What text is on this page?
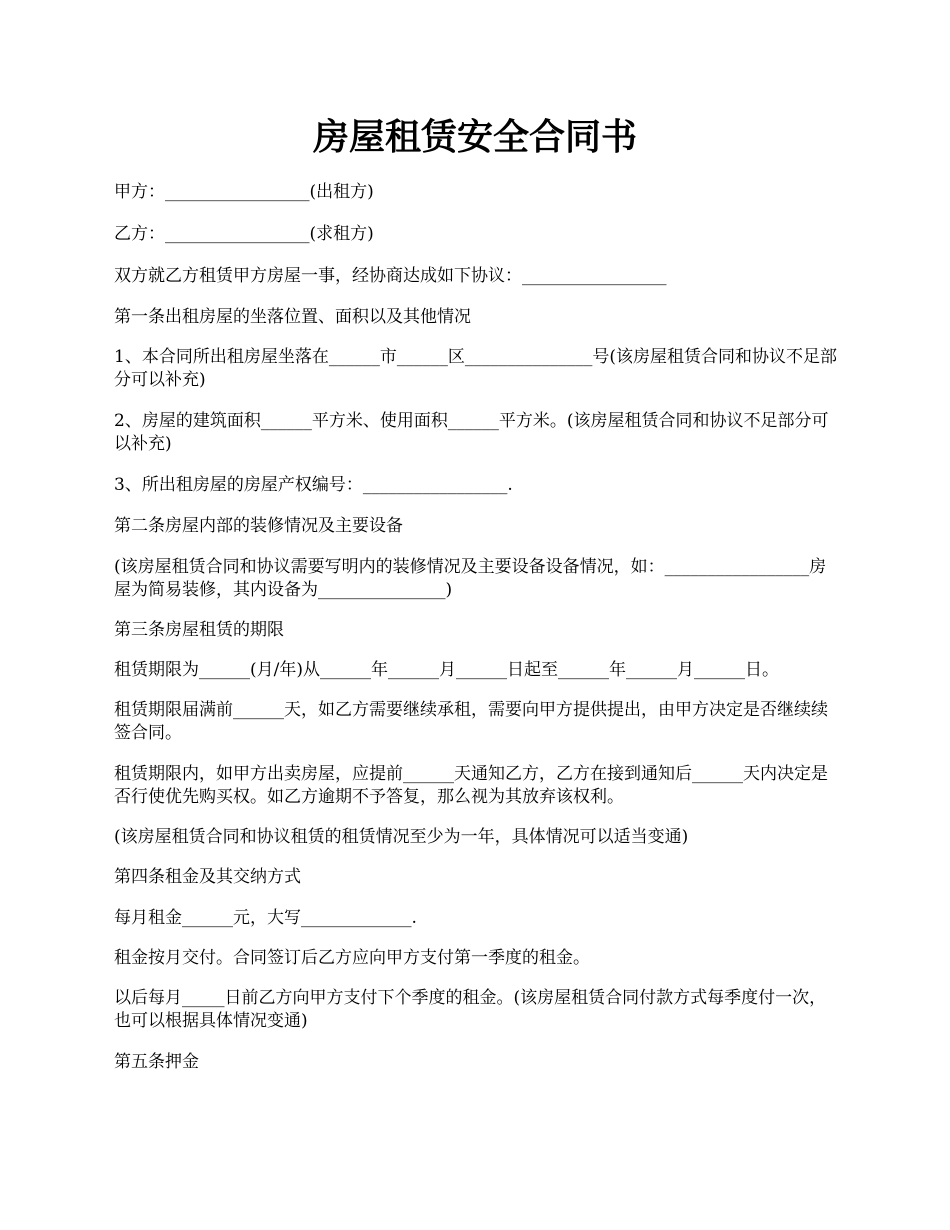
房屋租赁安全合同书

甲方：_________________(出租方)

乙方：_________________(求租方)

双方就乙方租赁甲方房屋一事，经协商达成如下协议：_________________

第一条出租房屋的坐落位置、面积以及其他情况

1、本合同所出租房屋坐落在______市______区_______________号(该房屋租赁合同和协议不足部分可以补充)

2、房屋的建筑面积______平方米、使用面积______平方米。(该房屋租赁合同和协议不足部分可以补充)

3、所出租房屋的房屋产权编号：_________________.

第二条房屋内部的装修情况及主要设备

(该房屋租赁合同和协议需要写明内的装修情况及主要设备设备情况，如：_________________房屋为简易装修，其内设备为_______________)

第三条房屋租赁的期限

租赁期限为______(月/年)从______年______月______日起至______年______月______日。

租赁期限届满前______天，如乙方需要继续承租，需要向甲方提供提出，由甲方决定是否继续续签合同。

租赁期限内，如甲方出卖房屋，应提前______天通知乙方，乙方在接到通知后______天内决定是否行使优先购买权。如乙方逾期不予答复，那么视为其放弃该权利。

(该房屋租赁合同和协议租赁的租赁情况至少为一年，具体情况可以适当变通)

第四条租金及其交纳方式

每月租金______元，大写_____________.

租金按月交付。合同签订后乙方应向甲方支付第一季度的租金。

以后每月_____日前乙方向甲方支付下个季度的租金。(该房屋租赁合同付款方式每季度付一次，也可以根据具体情况变通)

第五条押金
